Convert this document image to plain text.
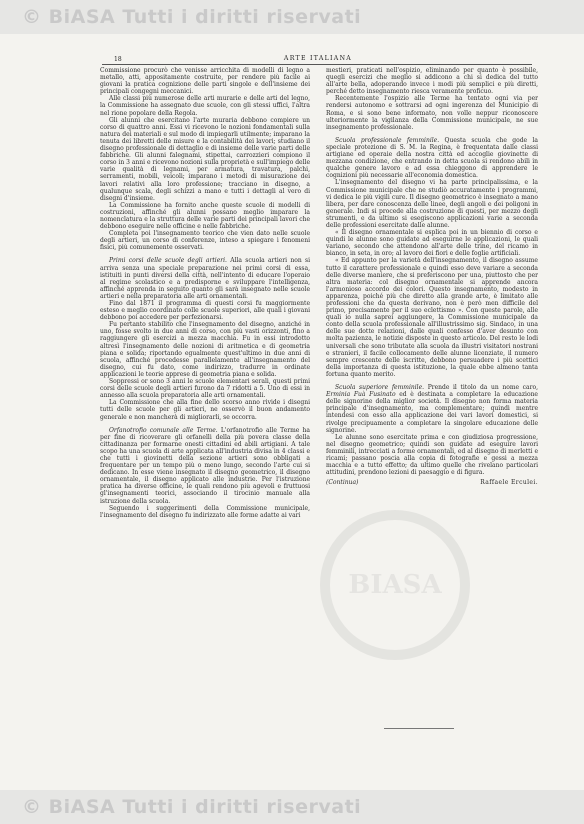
© BiASA Tutti i diritti riservati
18	ARTE ITALIANA

Commissione procurò che venisse arricchita di modelli di legno a metallo, atti, appositamente costruite, per rendere più facile ai giovani la pratica cognizione delle parti singole e dell'insieme dei principali congegni meccanici.

Alle classi più numerose delle arti murarie e delle arti del legno, la Commissione ha assegnato due scuole, con gli stessi uffici, l'altra nel rione popolare della Regola.

Gli alunni che esercitano l'arte muraria debbono compiere un corso di quattro anni. Essi vi ricevono le nozioni fondamentali sulla natura dei materiali e sul modo di impiegarli utilmente; imparano la tenuta dei libretti delle misure e la contabilità dei lavori; studiano il disegno professionale di dettaglio e di insieme delle varie parti delle fabbriche. Gli alunni falegnami, stipettai, carrozzieri compiono il corso in 3 anni e ricevono nozioni sulla proprietà e sull'impiego delle varie qualità di legnami, per armatura, travatura, palchi, serramenti, mobili, veicoli; imparano i metodi di misurazione dei lavori relativi alla loro professione; tracciano in disegno, a qualunque scala, degli schizzi a mano e tutti i dettagli al vero di disegni d'insieme.

La Commissione ha fornito anche queste scuole di modelli di costruzioni, affinché gli alunni possano meglio imparare la nomenclatura e la struttura delle varie parti dei principali lavori che debbono eseguire nelle officine e nelle fabbriche.

Completa poi l'insegnamento teorico che vien dato nelle scuole degli artieri, un corso di conferenze, inteso a spiegare i fenomeni fisici, più comunemente osservati.

Primi corsi delle scuole degli artieri. Alla scuola artieri non si arriva senza una speciale preparazione nei primi corsi di essa, istituiti in punti diversi della città, nell'intento di educare l'operaio al regime scolastico e a predisporne e sviluppare l'intelligenza, affinché apprenda in seguito quanto gli sarà insegnato nelle scuole artieri e nella preparatoria alle arti ornamentali.

Fino dal 1871 il programma di questi corsi fu maggiormente esteso e meglio coordinato colle scuole superiori, alle quali i giovani debbono poi accedere per perfezionarsi.

Fu pertanto stabilito che l'insegnamento del disegno, anziché in uno, fosse svolto in due anni di corso, con più vasti orizzonti, fino a raggiungere gli esercizi a mezza macchia. Fu in essi introdotto altresì l'insegnamento delle nozioni di aritmetica e di geometria piana e solida; riportando egualmente quest'ultimo in due anni di scuola, affinché procedesse parallelamente all'insegnamento del disegno, cui fu dato, come indirizzo, tradurre in ordinate applicazioni le teorie apprese di geometria piana e solida.

Soppressi or sono 3 anni le scuole elementari serali, questi primi corsi delle scuole degli artieri furono da 7 ridotti a 5. Uno di essi in annesso alla scuola preparatoria alle arti ornamentali.

La Commissione che alla fine dello scorso anno rivide i disegni tutti delle scuole per gli artieri, ne osservò il buon andamento generale e non mancherà di migliorarli, se occorra.

Orfanotrofio comunale alle Terme. L'orfanotrofio alle Terme ha per fine di ricoverare gli orfanelli della più povera classe della cittadinanza per formarne onesti cittadini ed abili artigiani. A tale scopo ha una scuola di arte applicata all'industria divisa in 4 classi e che tutti i giovinetti della sezione artieri sono obbligati a frequentare per un tempo più o meno lungo, secondo l'arte cui si dedicano. In esse viene insegnato il disegno geometrico, il disegno ornamentale, il disegno applicato alle industrie. Per l'istruzione pratica ha diverse officine, le quali rendono più agevoli e fruttuosi gl'insegnamenti teorici, associando il tirocinio manuale alla istruzione della scuola.

Seguendo i suggerimenti della Commissione municipale, l'insegnamento del disegno fu indirizzato alle forme adatte ai vari

mestieri, praticati nell'ospizio, eliminando per quanto è possibile, quegli esercizi che meglio si addicono a chi si dedica del tutto all'arte bella, adoperando invece i modi più semplici e più diretti, perché detto insegnamento riesca veramente proficuo.

Recentemente l'ospizio alle Terme ha tentato ogni via per rendersi autonomo e sottrarsi ad ogni ingerenza del Municipio di Roma, e si sono bene informato, non volle neppur riconoscere ulteriormente la vigilanza della Commissione municipale, ne sue insegnamento professionale.

Scuola professionale femminile. Questa scuola che gode la speciale protezione di S. M. la Regina, è frequentata dalle classi artigiane ed operaie della nostra città ed accoglie giovinette di mezzana condizione, che entrando in detta scuola si rendono abili in qualche genere lavoro e ad essa chieggono di apprendere le cognizioni più necessarie all'economia domestica.

L'insegnamento del disegno vi ha parte principalissima, e la Commissione municipale che ne studiò accuratamente i programmi, vi dedica le più vigili cure. Il disegno geometrico è insegnato a mano libera, per dare conoscenza delle linee, degli angoli e dei poligoni in generale. Indi si procede alla costruzione di questi, per mezzo degli strumenti, e da ultimo si esegiscono applicazioni varie a seconda delle professioni esercitate dalle alunne.

« Il disegno ornamentale si esplica poi in un biennio di corso e quindi le alunne sono guidate ad eseguirne le applicazioni, le quali variano, secondo che attendono all'arte delle trine, del ricamo in bianco, in seta, in oro; al lavoro dei fiori e delle foglie artificiali.

« Ed appunto per la varietà dell'insegnamento, il disegno assume tutto il carattere professionale e quindi esso deve variare a seconda delle diverse maniere, che si preferiscono per una, piuttosto che per altra materia: col disegno ornamentale si apprende ancora l'armonioso accordo dei colori. Questo insegnamento, modesto in apparenza, poiché più che diretto alla grande arte, è limitato alle professioni che da questa derivano, non è però men difficile del primo, precisamente per il suo eclettismo ». Con queste parole, alle quali io nulla saprei aggiungere, la Commissione municipale da conto della scuola professionale all'illustrissimo sig. Sindaco, in una delle sue dotte relazioni, dalle quali confesso d'aver desunto con molta pazienza, le notizie disposte in questo articolo. Del resto le lodi universali che sono tributate alla scuola da illustri visitatori nostrani e stranieri, il facile collocamento delle alunne licenziate, il numero sempre crescente delle iscritte, debbono persuadere i più scettici della importanza di questa istituzione, la quale ebbe almeno tanta fortuna quanto merito.

Scuola superiore femminile. Prende il titolo da un nome caro, Erminia Fuà Fusinato ed è destinata a completare la educazione delle signorine della miglior società. Il disegno non forma materia principale d'insegnamento, ma complementare; quindi mentre intendesi con esso alla applicazione dei vari lavori domestici, si rivolge precipuamente a completare la singolare educazione delle signorine.

Le alunne sono esercitate prima e con giudiziosa progressione, nel disegno geometrico; quindi son guidate ad eseguire lavori femminili, intrecciati a forme ornamentali, ed al disegno di merletti e ricami; passano poscia alla copia di fotografie e gessi a mezza macchia e a tutto effetto; da ultimo quelle che rivelano particolari attitudini, prendono lezioni di paesaggio e di figura.

(Continua)	Raffaele Erculei.

BIASA
© BiASA Tutti i diritti riservati
